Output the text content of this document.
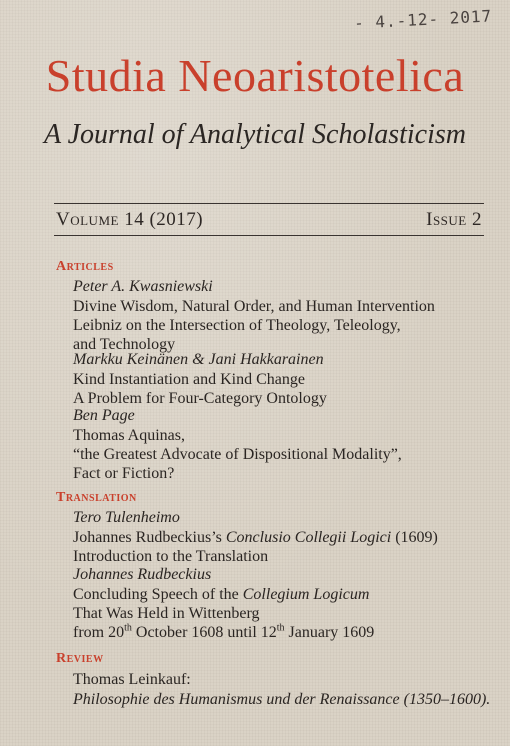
- 4.-12- 2017
Studia Neoaristotelica
A Journal of Analytical Scholasticism
Volume 14 (2017)	Issue 2
Articles

Peter A. Kwasniewski

Divine Wisdom, Natural Order, and Human Intervention

Leibniz on the Intersection of Theology, Teleology,

and Technology

Markku Keinänen & Jani Hakkarainen

Kind Instantiation and Kind Change

A Problem for Four-Category Ontology

Ben Page

Thomas Aquinas,

“the Greatest Advocate of Dispositional Modality”,

Fact or Fiction?

Translation

Tero Tulenheimo

Johannes Rudbeckius’s Conclusio Collegii Logici (1609)

Introduction to the Translation

Johannes Rudbeckius

Concluding Speech of the Collegium Logicum

That Was Held in Wittenberg

from 20th October 1608 until 12th January 1609

Review

Thomas Leinkauf:

Philosophie des Humanismus und der Renaissance (1350–1600).
